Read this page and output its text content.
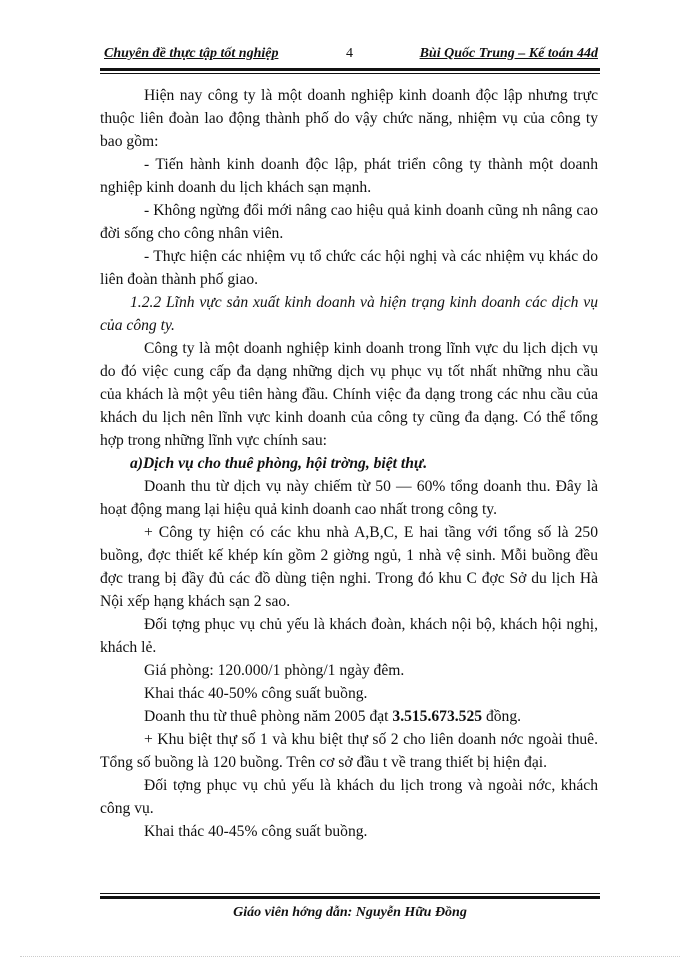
Chuyên đề thực tập tốt nghiệp	4	Bùi Quốc Trung – Kế toán 44d

Hiện nay công ty là một doanh nghiệp kinh doanh độc lập nhưng trực thuộc liên đoàn lao động thành phố do vậy chức năng, nhiệm vụ của công ty bao gồm:

- Tiến hành kinh doanh độc lập, phát triển công ty thành một doanh nghiệp kinh doanh du lịch khách sạn mạnh.

- Không ngừng đổi mới nâng cao hiệu quả kinh doanh cũng nh nâng cao đời sống cho công nhân viên.

- Thực hiện các nhiệm vụ tổ chức các hội nghị và các nhiệm vụ khác do liên đoàn thành phố giao.

1.2.2 Lĩnh vực sản xuất kinh doanh và hiện trạng kinh doanh các dịch vụ của công ty.

Công ty là một doanh nghiệp kinh doanh trong lĩnh vực du lịch dịch vụ do đó việc cung cấp đa dạng những dịch vụ phục vụ tốt nhất những nhu cầu của khách là một yêu tiên hàng đầu. Chính việc đa dạng trong các nhu cầu của khách du lịch nên lĩnh vực kinh doanh của công ty cũng đa dạng. Có thể tổng hợp trong những lĩnh vực chính sau:

a)Dịch vụ cho thuê phòng, hội trờng, biệt thự.

Doanh thu từ dịch vụ này chiếm từ 50 — 60% tổng doanh thu. Đây là hoạt động mang lại hiệu quả kinh doanh cao nhất trong công ty.

+ Công ty hiện có các khu nhà A,B,C, E hai tầng với tổng số là 250 buồng, đợc thiết kế khép kín gồm 2 giờng ngủ, 1 nhà vệ sinh. Mỗi buồng đều đợc trang bị đầy đủ các đồ dùng tiện nghi. Trong đó khu C đợc Sở du lịch Hà Nội xếp hạng khách sạn 2 sao.

Đối tợng phục vụ chủ yếu là khách đoàn, khách nội bộ, khách hội nghị, khách lẻ.

Giá phòng: 120.000/1 phòng/1 ngày đêm.

Khai thác 40-50% công suất buồng.

Doanh thu từ thuê phòng năm 2005 đạt 3.515.673.525 đồng.

+ Khu biệt thự số 1 và khu biệt thự số 2 cho liên doanh nớc ngoài thuê. Tổng số buồng là 120 buồng. Trên cơ sở đầu t về trang thiết bị hiện đại.

Đối tợng phục vụ chủ yếu là khách du lịch trong và ngoài nớc, khách công vụ.

Khai thác 40-45% công suất buồng.

Giáo viên hớng dẫn: Nguyễn Hữu Đồng
